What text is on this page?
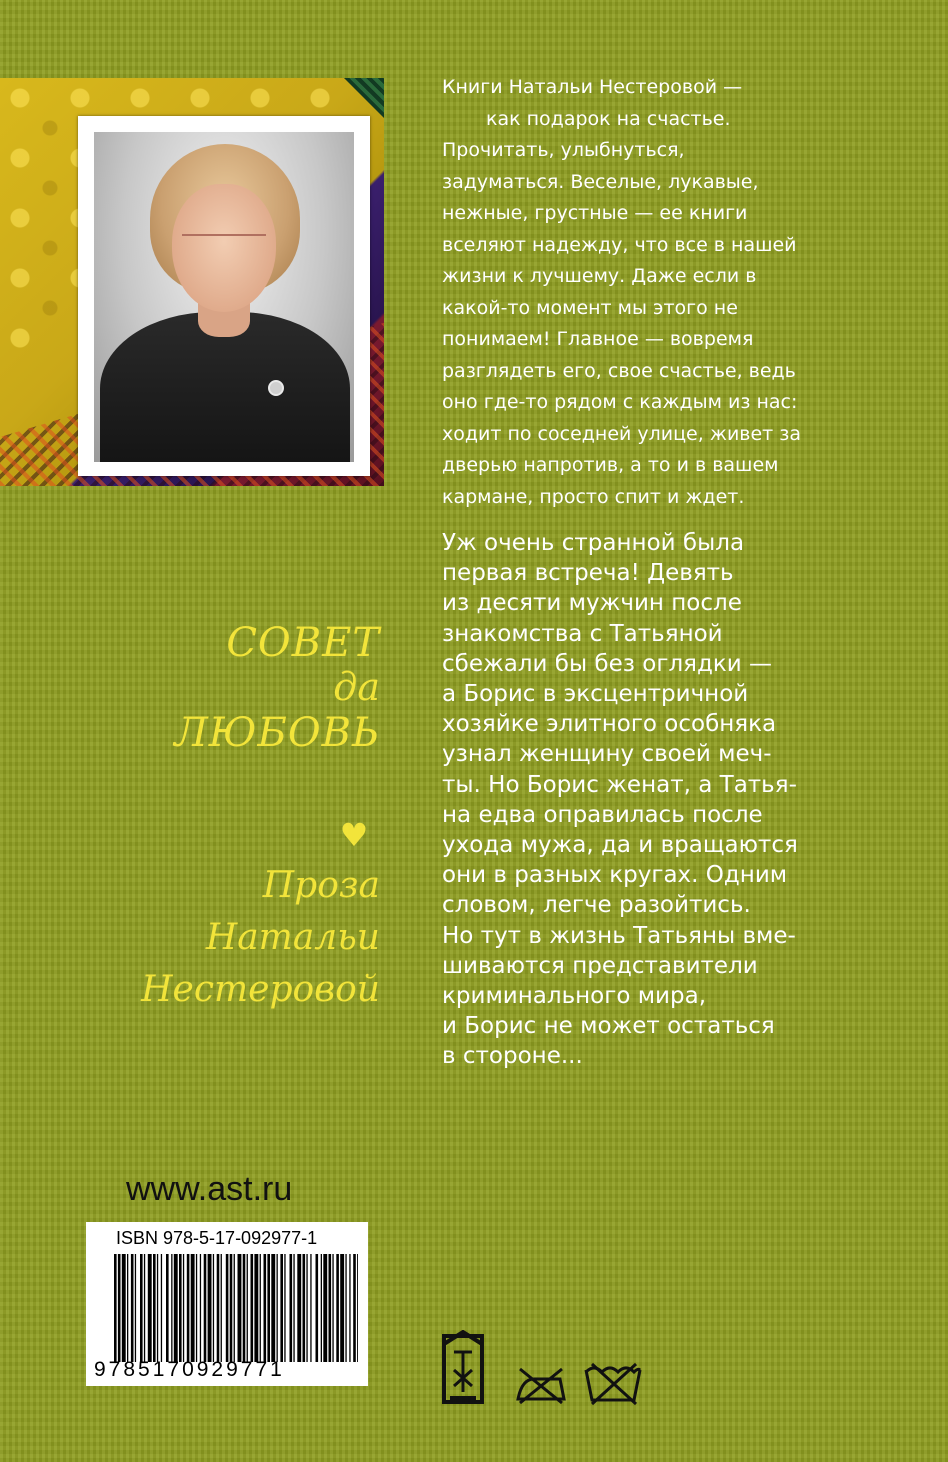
Книги Натальи Нестеровой —
как подарок на счастье.
Прочитать, улыбнуться,
задуматься. Веселые, лукавые,
нежные, грустные — ее книги
вселяют надежду, что все в нашей
жизни к лучшему. Даже если в
какой-то момент мы этого не
понимаем! Главное — вовремя
разглядеть его, свое счастье, ведь
оно где-то рядом с каждым из нас:
ходит по соседней улице, живет за
дверью напротив, а то и в вашем
кармане, просто спит и ждет.
Уж очень странной была
первая встреча! Девять
из десяти мужчин после
знакомства с Татьяной
сбежали бы без оглядки —
а Борис в эксцентричной
хозяйке элитного особняка
узнал женщину своей меч-
ты. Но Борис женат, а Татья-
на едва оправилась после
ухода мужа, да и вращаются
они в разных кругах. Одним
словом, легче разойтись.
Но тут в жизнь Татьяны вме-
шиваются представители
криминального мира,
и Борис не может остаться
в стороне...
СОВЕТ
да
ЛЮБОВЬ
♥
Проза
Натальи
Нестеровой
www.ast.ru
ISBN 978-5-17-092977-1
9785170929771
